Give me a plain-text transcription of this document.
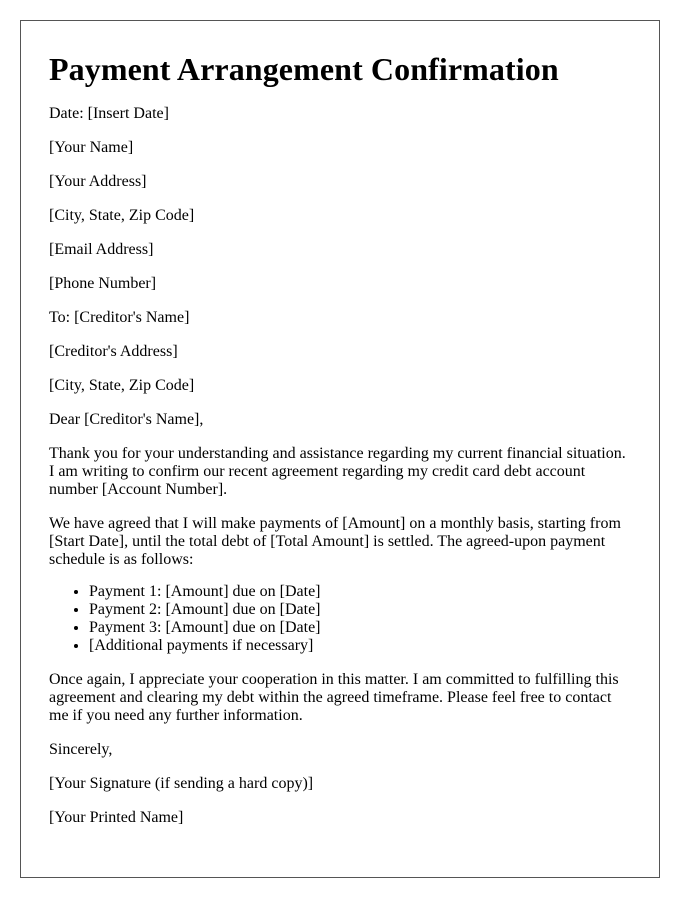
Payment Arrangement Confirmation

Date: [Insert Date]

[Your Name]

[Your Address]

[City, State, Zip Code]

[Email Address]

[Phone Number]

To: [Creditor's Name]

[Creditor's Address]

[City, State, Zip Code]

Dear [Creditor's Name],

Thank you for your understanding and assistance regarding my current financial situation. I am writing to confirm our recent agreement regarding my credit card debt account number [Account Number].

We have agreed that I will make payments of [Amount] on a monthly basis, starting from [Start Date], until the total debt of [Total Amount] is settled. The agreed-upon payment schedule is as follows:

• Payment 1: [Amount] due on [Date]
• Payment 2: [Amount] due on [Date]
• Payment 3: [Amount] due on [Date]
• [Additional payments if necessary]

Once again, I appreciate your cooperation in this matter. I am committed to fulfilling this agreement and clearing my debt within the agreed timeframe. Please feel free to contact me if you need any further information.

Sincerely,

[Your Signature (if sending a hard copy)]

[Your Printed Name]
